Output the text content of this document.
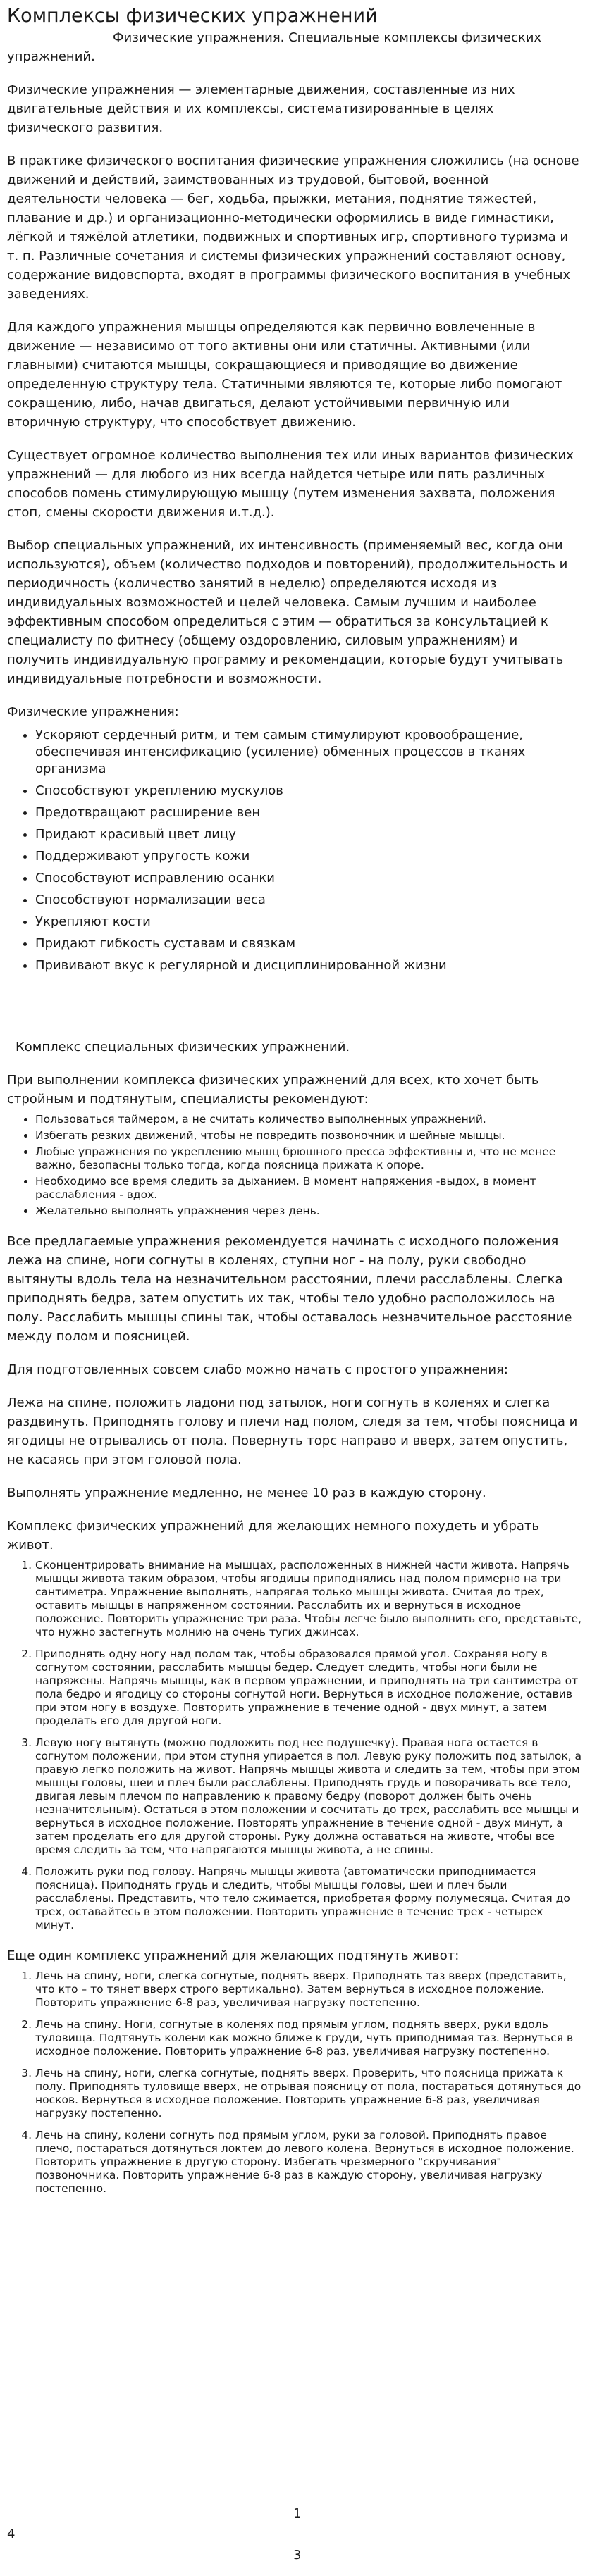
Комплексы физических упражнений

Физические упражнения. Специальные комплексы физических упражнений.

Физические упражнения — элементарные движения, составленные из них двигательные действия и их комплексы, систематизированные в целях физического развития.

В практике физического воспитания физические упражнения сложились (на основе движений и действий, заимствованных из трудовой, бытовой, военной деятельности человека — бег, ходьба, прыжки, метания, поднятие тяжестей, плавание и др.) и организационно-методически оформились в виде гимнастики, лёгкой и тяжёлой атлетики, подвижных и спортивных игр, спортивного туризма и т. п. Различные сочетания и системы физических упражнений составляют основу, содержание видовспорта, входят в программы физического воспитания в учебных заведениях.

Для каждого упражнения мышцы определяются как первично вовлеченные в движение — независимо от того активны они или статичны. Активными (или главными) считаются мышцы, сокращающиеся и приводящие во движение определенную структуру тела. Статичными являются те, которые либо помогают сокращению, либо, начав двигаться, делают устойчивыми первичную или вторичную структуру, что способствует движению.

Существует огромное количество выполнения тех или иных вариантов физических упражнений — для любого из них всегда найдется четыре или пять различных способов помень стимулирующую мышцу (путем изменения захвата, положения стоп, смены скорости движения и.т.д.).

Выбор специальных упражнений, их интенсивность (применяемый вес, когда они используются), объем (количество подходов и повторений), продолжительность и периодичность (количество занятий в неделю) определяются исходя из индивидуальных возможностей и целей человека. Самым лучшим и наиболее эффективным способом определиться с этим — обратиться за консультацией к специалисту по фитнесу (общему оздоровлению, силовым упражнениям) и получить индивидуальную программу и рекомендации, которые будут учитывать индивидуальные потребности и возможности.

Физические упражнения:

• Ускоряют сердечный ритм, и тем самым стимулируют кровообращение, обеспечивая интенсификацию (усиление) обменных процессов в тканях организма
• Способствуют укреплению мускулов
• Предотвращают расширение вен
• Придают красивый цвет лицу
• Поддерживают упругость кожи
• Способствуют исправлению осанки
• Способствуют нормализации веса
• Укрепляют кости
• Придают гибкость суставам и связкам
• Прививают вкус к регулярной и дисциплинированной жизни

Комплекс специальных физических упражнений.

При выполнении комплекса физических упражнений для всех, кто хочет быть стройным и подтянутым, специалисты рекомендуют:

• Пользоваться таймером, а не считать количество выполненных упражнений.
• Избегать резких движений, чтобы не повредить позвоночник и шейные мышцы.
• Любые упражнения по укреплению мышц брюшного пресса эффективны и, что не менее важно, безопасны только тогда, когда поясница прижата к опоре.
• Необходимо все время следить за дыханием. В момент напряжения -выдох, в момент расслабления - вдох.
• Желательно выполнять упражнения через день.

Все предлагаемые упражнения рекомендуется начинать с исходного положения лежа на спине, ноги согнуты в коленях, ступни ног - на полу, руки свободно вытянуты вдоль тела на незначительном расстоянии, плечи расслаблены. Слегка приподнять бедра, затем опустить их так, чтобы тело удобно расположилось на полу. Расслабить мышцы спины так, чтобы оставалось незначительное расстояние между полом и поясницей.

Для подготовленных совсем слабо можно начать с простого упражнения:

Лежа на спине, положить ладони под затылок, ноги согнуть в коленях и слегка раздвинуть. Приподнять голову и плечи над полом, следя за тем, чтобы поясница и ягодицы не отрывались от пола. Повернуть торс направо и вверх, затем опустить, не касаясь при этом головой пола.

Выполнять упражнение медленно, не менее 10 раз в каждую сторону.

Комплекс физических упражнений для желающих немного похудеть и убрать живот.

1. Сконцентрировать внимание на мышцах, расположенных в нижней части живота. Напрячь мышцы живота таким образом, чтобы ягодицы приподнялись над полом примерно на три сантиметра. Упражнение выполнять, напрягая только мышцы живота. Считая до трех, оставить мышцы в напряженном состоянии. Расслабить их и вернуться в исходное положение. Повторить упражнение три раза. Чтобы легче было выполнить его, представьте, что нужно застегнуть молнию на очень тугих джинсах.
2. Приподнять одну ногу над полом так, чтобы образовался прямой угол. Сохраняя ногу в согнутом состоянии, расслабить мышцы бедер. Следует следить, чтобы ноги были не напряжены. Напрячь мышцы, как в первом упражнении, и приподнять на три сантиметра от пола бедро и ягодицу со стороны согнутой ноги. Вернуться в исходное положение, оставив при этом ногу в воздухе. Повторить упражнение в течение одной - двух минут, а затем проделать его для другой ноги.
3. Левую ногу вытянуть (можно подложить под нее подушечку). Правая нога остается в согнутом положении, при этом ступня упирается в пол. Левую руку положить под затылок, а правую легко положить на живот. Напрячь мышцы живота и следить за тем, чтобы при этом мышцы головы, шеи и плеч были расслаблены. Приподнять грудь и поворачивать все тело, двигая левым плечом по направлению к правому бедру (поворот должен быть очень незначительным). Остаться в этом положении и сосчитать до трех, расслабить все мышцы и вернуться в исходное положение. Повторять упражнение в течение одной - двух минут, а затем проделать его для другой стороны. Руку должна оставаться на животе, чтобы все время следить за тем, что напрягаются мышцы живота, а не спины.
4. Положить руки под голову. Напрячь мышцы живота (автоматически приподнимается поясница). Приподнять грудь и следить, чтобы мышцы головы, шеи и плеч были расслаблены. Представить, что тело сжимается, приобретая форму полумесяца. Считая до трех, оставайтесь в этом положении. Повторить упражнение в течение трех - четырех минут.

Еще один комплекс упражнений для желающих подтянуть живот:

1. Лечь на спину, ноги, слегка согнутые, поднять вверх. Приподнять таз вверх (представить, что кто – то тянет вверх строго вертикально). Затем вернуться в исходное положение. Повторить упражнение 6-8 раз, увеличивая нагрузку постепенно.
2. Лечь на спину. Ноги, согнутые в коленях под прямым углом, поднять вверх, руки вдоль туловища. Подтянуть колени как можно ближе к груди, чуть приподнимая таз. Вернуться в исходное положение. Повторить упражнение 6-8 раз, увеличивая нагрузку постепенно.
3. Лечь на спину, ноги, слегка согнутые, поднять вверх. Проверить, что поясница прижата к полу. Приподнять туловище вверх, не отрывая поясницу от пола, постараться дотянуться до носков. Вернуться в исходное положение. Повторить упражнение 6-8 раз, увеличивая нагрузку постепенно.
4. Лечь на спину, колени согнуть под прямым углом, руки за головой. Приподнять правое плечо, постараться дотянуться локтем до левого колена. Вернуться в исходное положение. Повторить упражнение в другую сторону. Избегать чрезмерного "скручивания" позвоночника. Повторить упражнение 6-8 раз в каждую сторону, увеличивая нагрузку постепенно.
1
4
3
